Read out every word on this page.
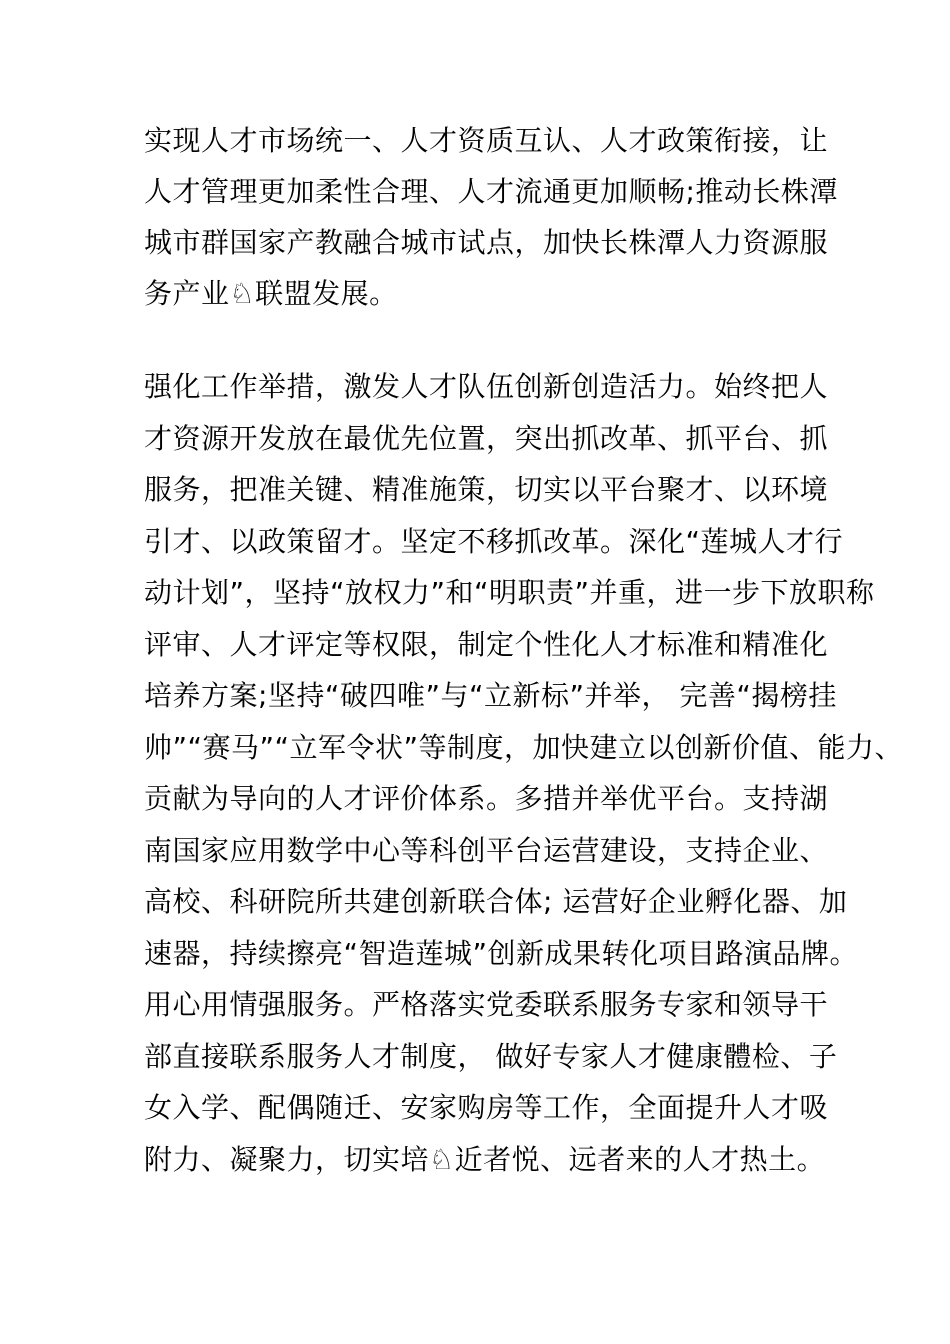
实现人才市场统一、人才资质互认、人才政策衔接，让
人才管理更加柔性合理、人才流通更加顺畅;推动长株潭
城市群国家产教融合城市试点，加快长株潭人力资源服
务产业♘联盟发展。
强化工作举措，激发人才队伍创新创造活力。始终把人
才资源开发放在最优先位置，突出抓改革、抓平台、抓
服务，把准关键、精准施策，切实以平台聚才、以环境
引才、以政策留才。坚定不移抓改革。深化“莲城人才行
动计划”，坚持“放权力”和“明职责”并重，进一步下放职称
评审、人才评定等权限，制定个性化人才标准和精准化
培养方案;坚持“破四唯”与“立新标”并举， 完善“揭榜挂
帅”“赛马”“立军令状”等制度，加快建立以创新价值、能力、
贡献为导向的人才评价体系。多措并举优平台。支持湖
南国家应用数学中心等科创平台运营建设，支持企业、
高校、科研院所共建创新联合体; 运营好企业孵化器、加
速器，持续擦亮“智造莲城”创新成果转化项目路演品牌。
用心用情强服务。严格落实党委联系服务专家和领导干
部直接联系服务人才制度， 做好专家人才健康體检、子
女入学、配偶随迁、安家购房等工作，全面提升人才吸
附力、凝聚力，切实培♘近者悦、远者来的人才热土。
